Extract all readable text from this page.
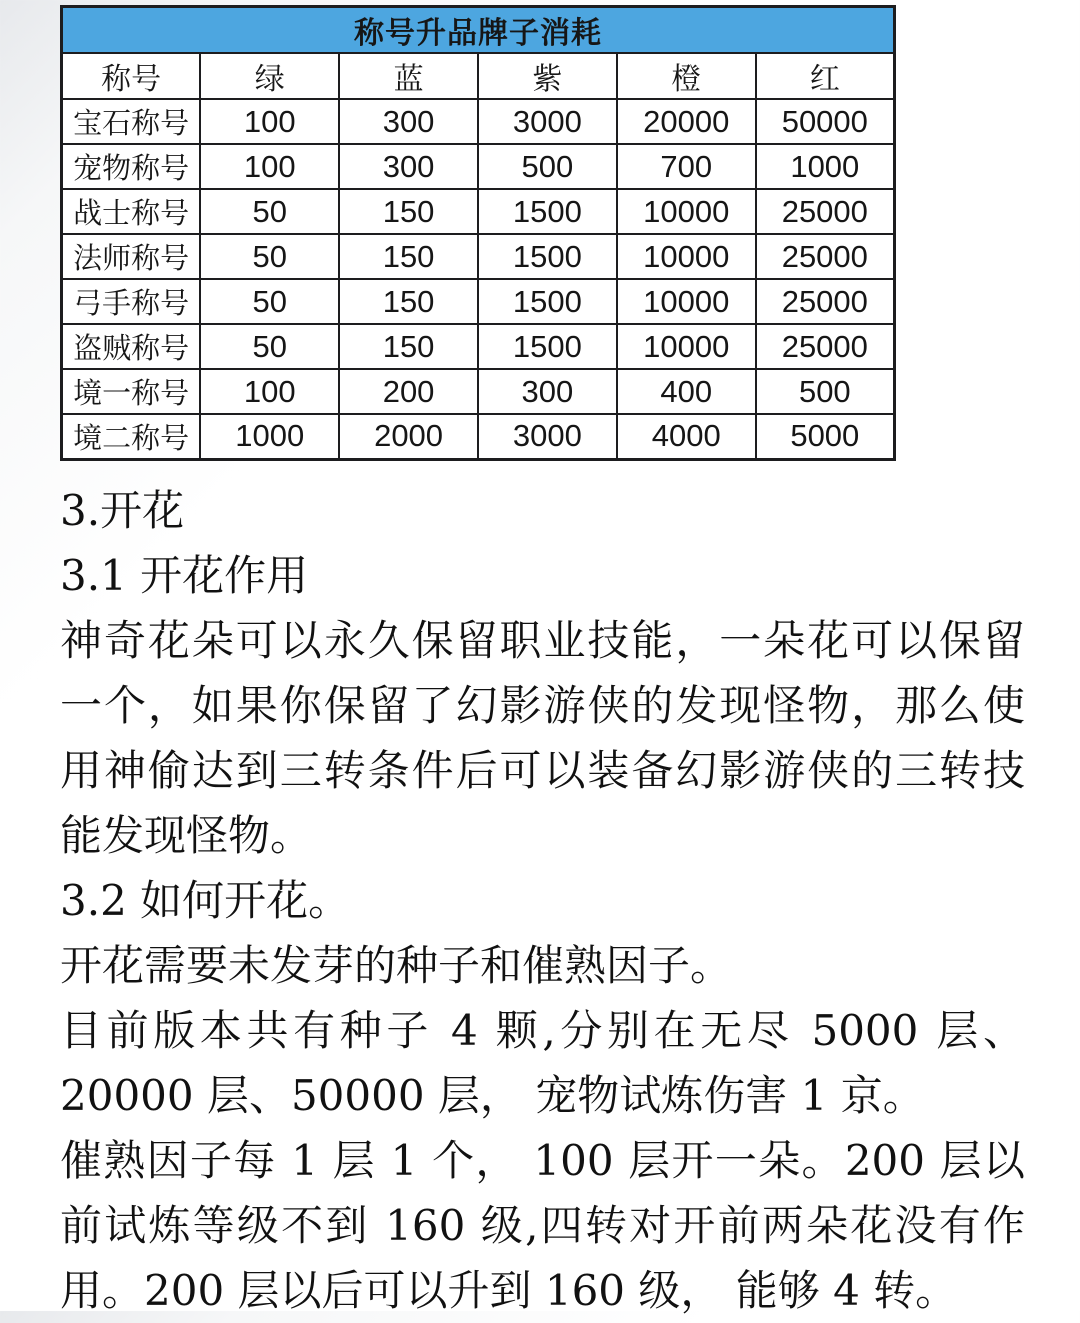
称号升品牌子消耗					
称号	绿	蓝	紫	橙	红
宝石称号	100	300	3000	20000	50000
宠物称号	100	300	500	700	1000
战士称号	50	150	1500	10000	25000
法师称号	50	150	1500	10000	25000
弓手称号	50	150	1500	10000	25000
盗贼称号	50	150	1500	10000	25000
境一称号	100	200	300	400	500
境二称号	1000	2000	3000	4000	5000

3.开花

3.1 开花作用

神奇花朵可以永久保留职业技能，一朵花可以保留一个，如果你保留了幻影游侠的发现怪物，那么使用神偷达到三转条件后可以装备幻影游侠的三转技能发现怪物。

3.2 如何开花。

开花需要未发芽的种子和催熟因子。

目前版本共有种子 4 颗,分别在无尽 5000 层、20000 层、50000 层， 宠物试炼伤害 1 京。

催熟因子每 1 层 1 个， 100 层开一朵。200 层以前试炼等级不到 160 级,四转对开前两朵花没有作用。200 层以后可以升到 160 级， 能够 4 转。
